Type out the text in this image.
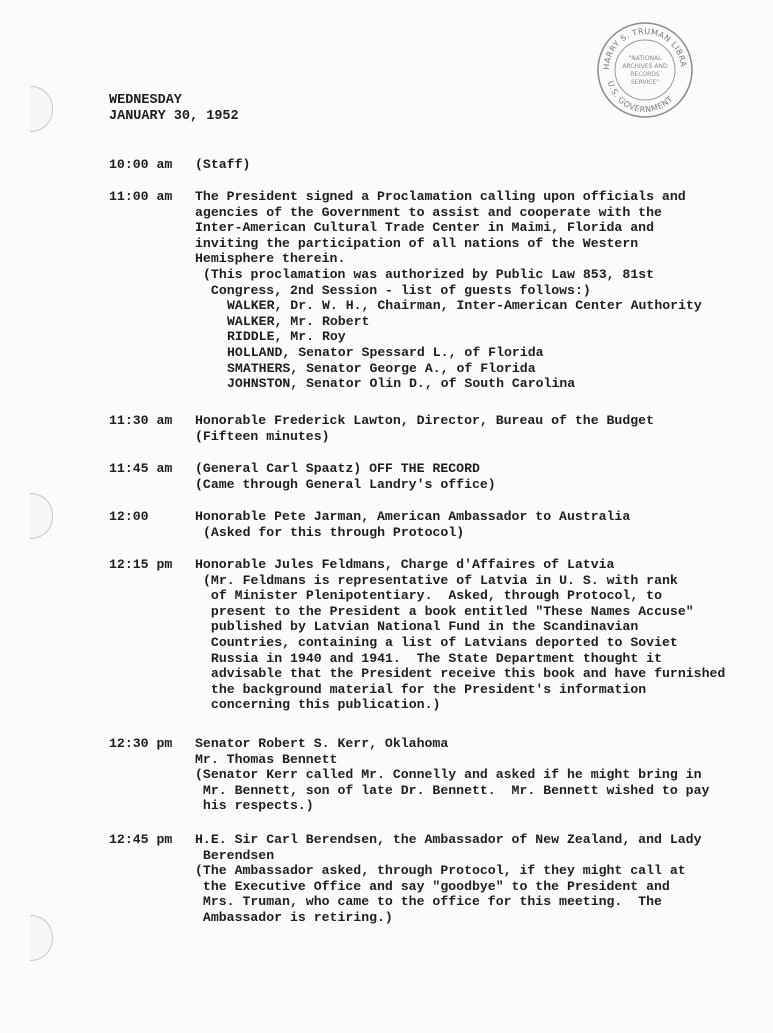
HARRY S. TRUMAN LIBRA
U.S. GOVERNMENT
"NATIONAL
ARCHIVES AND
RECORDS
SERVICE"
WEDNESDAY
JANUARY 30, 1952
10:00 am	(Staff)
11:00 am	The President signed a Proclamation calling upon officials and
agencies of the Government to assist and cooperate with the
Inter-American Cultural Trade Center in Maimi, Florida and
inviting the participation of all nations of the Western
Hemisphere therein.
(This proclamation was authorized by Public Law 853, 81st
Congress, 2nd Session - list of guests follows:)
WALKER, Dr. W. H., Chairman, Inter-American Center Authority
WALKER, Mr. Robert
RIDDLE, Mr. Roy
HOLLAND, Senator Spessard L., of Florida
SMATHERS, Senator George A., of Florida
JOHNSTON, Senator Olin D., of South Carolina
11:30 am	Honorable Frederick Lawton, Director, Bureau of the Budget
(Fifteen minutes)
11:45 am	(General Carl Spaatz) OFF THE RECORD
(Came through General Landry's office)
12:00	Honorable Pete Jarman, American Ambassador to Australia
(Asked for this through Protocol)
12:15 pm	Honorable Jules Feldmans, Charge d'Affaires of Latvia
(Mr. Feldmans is representative of Latvia in U. S. with rank
of Minister Plenipotentiary.  Asked, through Protocol, to
present to the President a book entitled "These Names Accuse"
published by Latvian National Fund in the Scandinavian
Countries, containing a list of Latvians deported to Soviet
Russia in 1940 and 1941.  The State Department thought it
advisable that the President receive this book and have furnished
the background material for the President's information
concerning this publication.)
12:30 pm	Senator Robert S. Kerr, Oklahoma
Mr. Thomas Bennett
(Senator Kerr called Mr. Connelly and asked if he might bring in
Mr. Bennett, son of late Dr. Bennett.  Mr. Bennett wished to pay
his respects.)
12:45 pm	H.E. Sir Carl Berendsen, the Ambassador of New Zealand, and Lady
Berendsen
(The Ambassador asked, through Protocol, if they might call at
the Executive Office and say "goodbye" to the President and
Mrs. Truman, who came to the office for this meeting.  The
Ambassador is retiring.)
